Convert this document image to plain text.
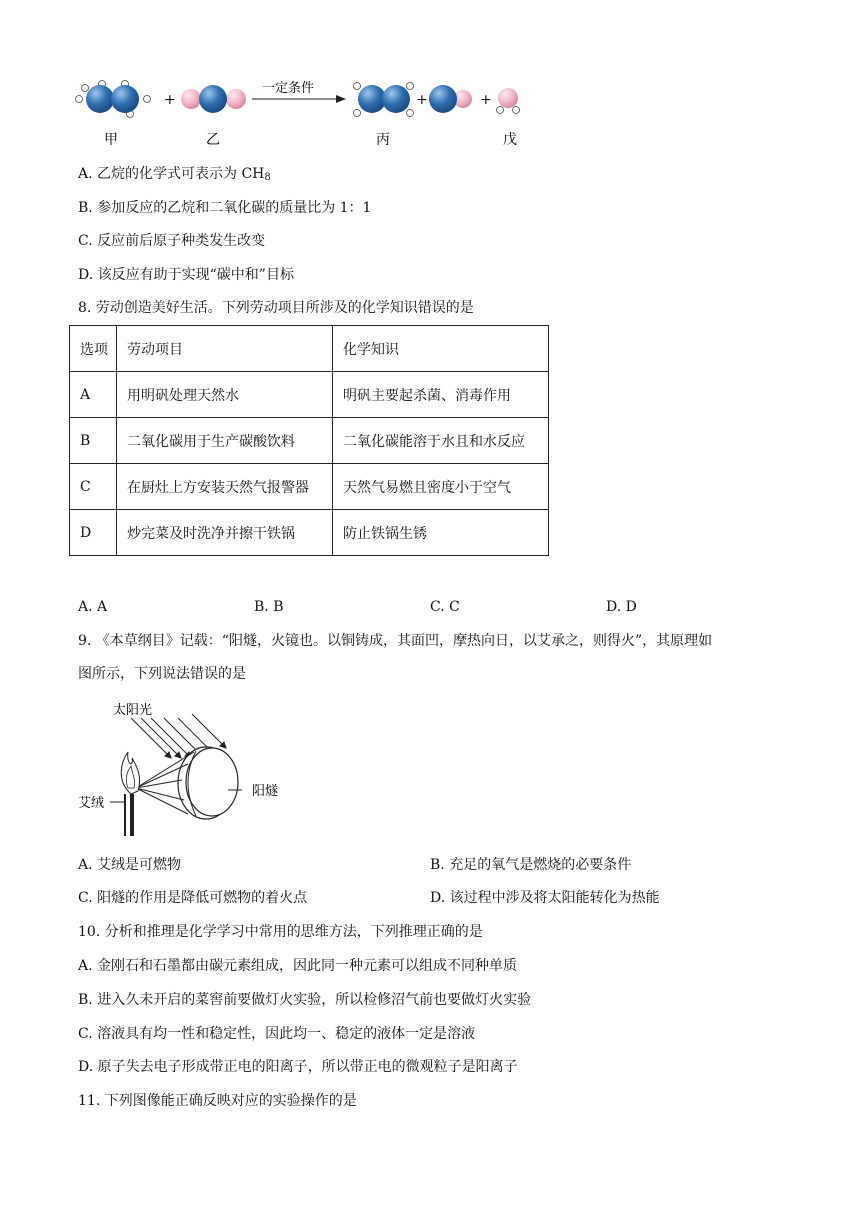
+
一定条件
+	+
甲	乙	丙	戊
A. 乙烷的化学式可表示为 $CH_8$
B. 参加反应的乙烷和二氧化碳的质量比为 1：1
C. 反应前后原子种类发生改变
D. 该反应有助于实现“碳中和”目标
8. 劳动创造美好生活。下列劳动项目所涉及的化学知识错误的是
选项	劳动项目	化学知识
A	用明矾处理天然水	明矾主要起杀菌、消毒作用
B	二氧化碳用于生产碳酸饮料	二氧化碳能溶于水且和水反应
C	在厨灶上方安装天然气报警器	天然气易燃且密度小于空气
D	炒完菜及时洗净并擦干铁锅	防止铁锅生锈
A. A	B. B	C. C	D. D
9. 《本草纲目》记载：“阳燧，火镜也。以铜铸成，其面凹，摩热向日，以艾承之，则得火”，其原理如
图所示，下列说法错误的是
太阳光
阳燧
艾绒
A. 艾绒是可燃物	B. 充足的氧气是燃烧的必要条件
C. 阳燧的作用是降低可燃物的着火点	D. 该过程中涉及将太阳能转化为热能
10. 分析和推理是化学学习中常用的思维方法，下列推理正确的是
A. 金刚石和石墨都由碳元素组成，因此同一种元素可以组成不同种单质
B. 进入久未开启的菜窖前要做灯火实验，所以检修沼气前也要做灯火实验
C. 溶液具有均一性和稳定性，因此均一、稳定的液体一定是溶液
D. 原子失去电子形成带正电的阳离子，所以带正电的微观粒子是阳离子
11. 下列图像能正确反映对应的实验操作的是
